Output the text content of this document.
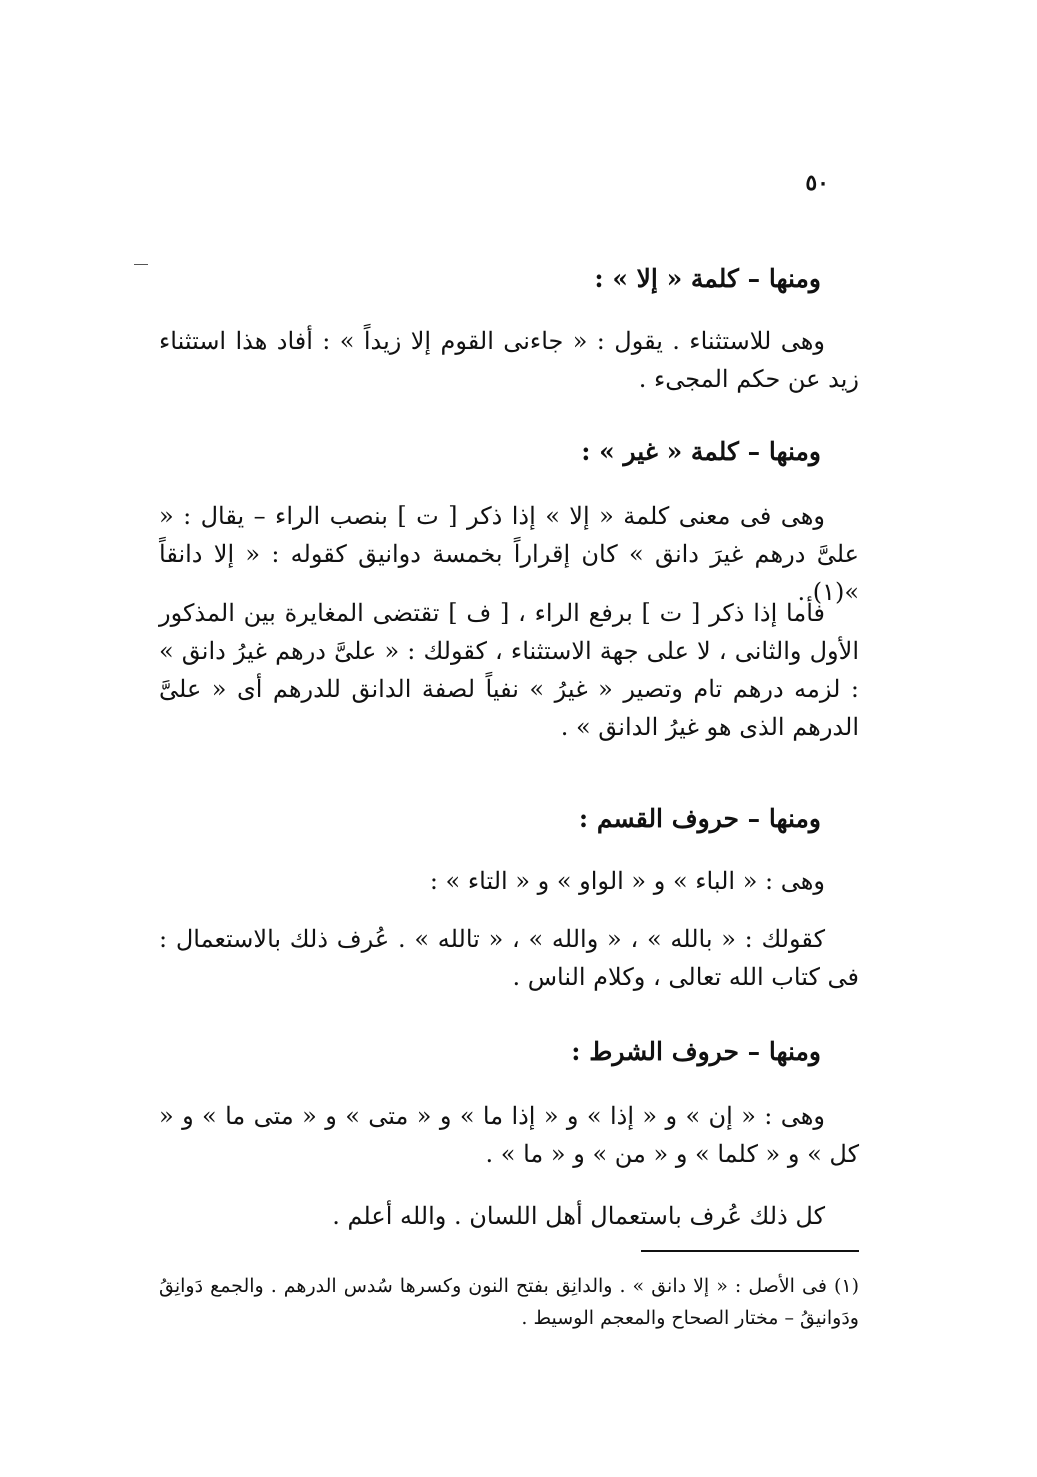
٥٠
ومنها – كلمة « إلا » :
وهى للاستثناء . يقول : « جاءنى القوم إلا زيداً » : أفاد هذا استثناء زيد عن حكم المجىء .
ومنها – كلمة « غير » :
وهى فى معنى كلمة « إلا » إذا ذكر [ ت ] بنصب الراء – يقال : « علىَّ درهم غيرَ دانق » كان إقراراً بخمسة دوانيق كقوله : « إلا دانقاً »(١) .
فأما إذا ذكر [ ت ] برفع الراء ، [ ف ] تقتضى المغايرة بين المذكور الأول والثانى ، لا على جهة الاستثناء ، كقولك : « علىَّ درهم غيرُ دانق » : لزمه درهم تام وتصير « غيرُ » نفياً لصفة الدانق للدرهم أى « علىَّ الدرهم الذى هو غيرُ الدانق » .
ومنها – حروف القسم :
وهى : « الباء » و « الواو » و « التاء » :
كقولك : « بالله » ، « والله » ، « تالله » . عُرف ذلك بالاستعمال : فى كتاب الله تعالى ، وكلام الناس .
ومنها – حروف الشرط :
وهى : « إن » و « إذا » و « إذا ما » و « متى » و « متى ما » و « كل » و « كلما » و « من » و « ما » .
كل ذلك عُرف باستعمال أهل اللسان . والله أعلم .
(١) فى الأصل : « إلا دانق » . والدانِق بفتح النون وكسرها سُدس الدرهم . والجمع دَوانِقُ ودَوانيقُ – مختار الصحاح والمعجم الوسيط .
